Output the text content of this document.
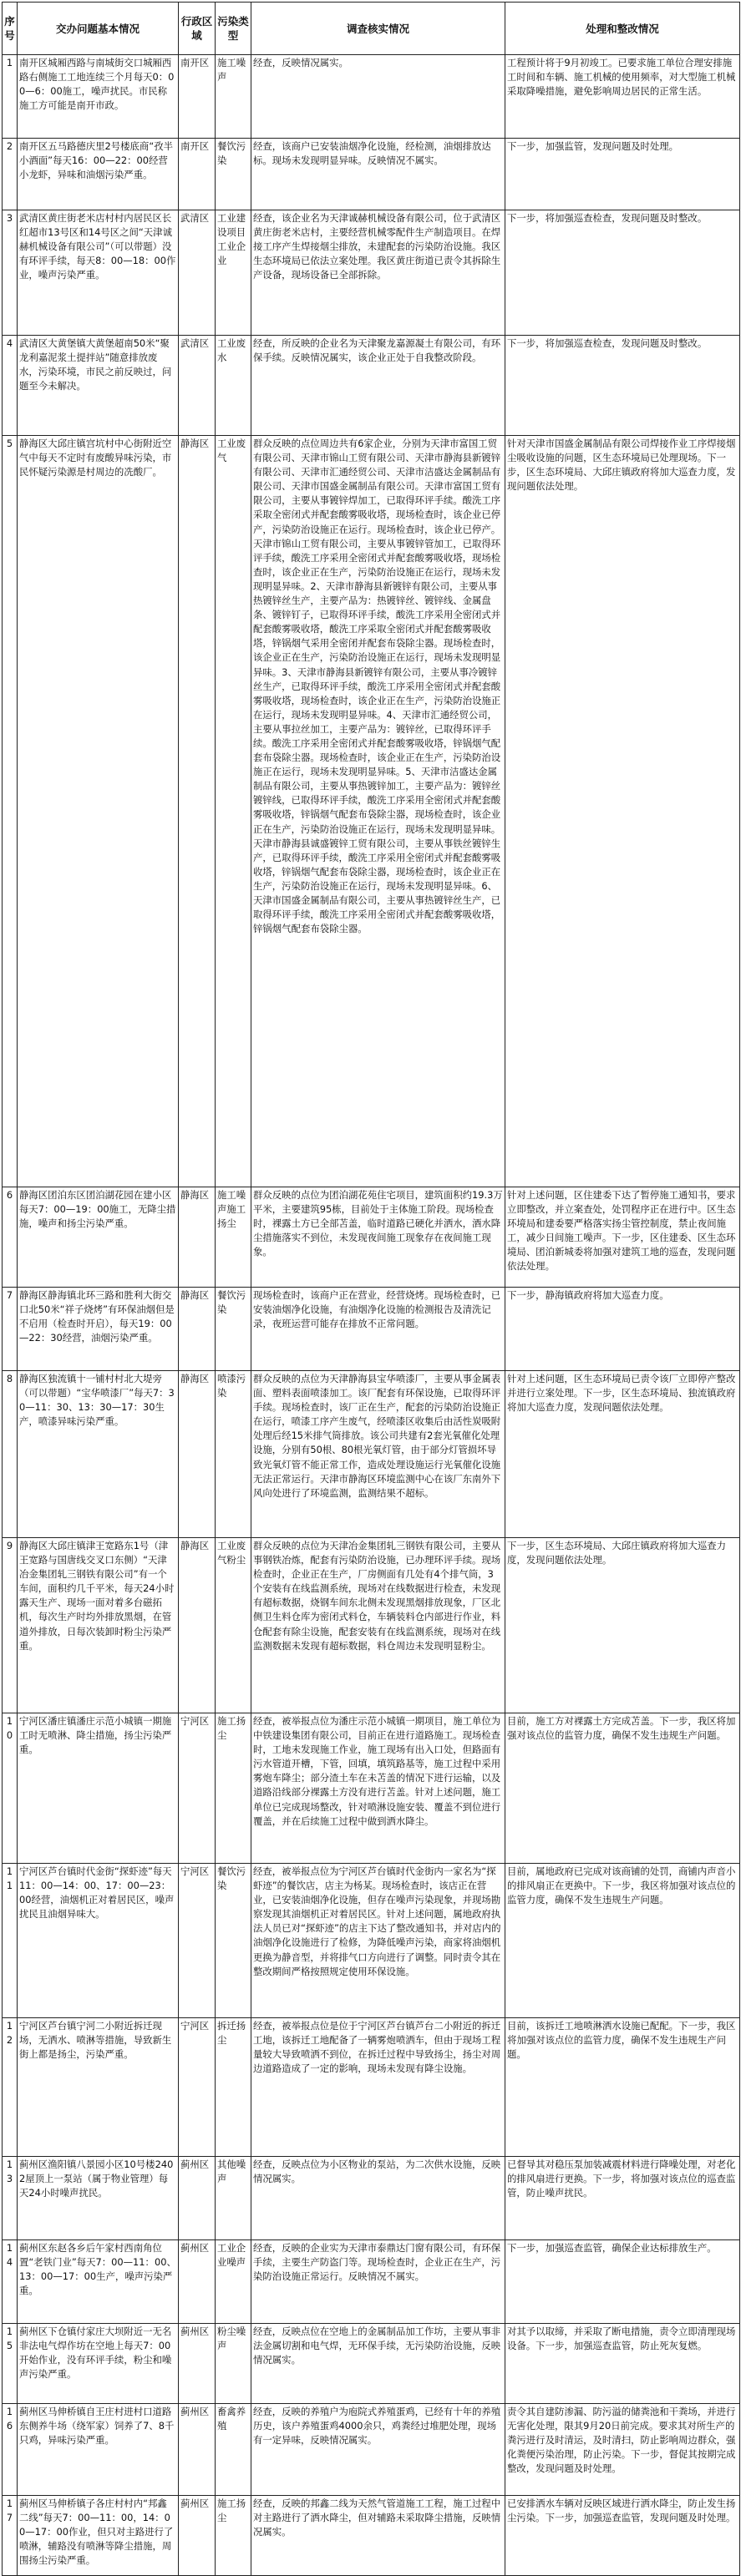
序号	交办问题基本情况	行政区域	污染类型	调查核实情况	处理和整改情况
1	南开区城厢西路与南城街交口城厢西路右侧施工工地连续三个月每天0：00—6：00施工，噪声扰民。市民称施工方可能是南开市政。	南开区	施工噪声	经查，反映情况属实。	工程预计将于9月初竣工。已要求施工单位合理安排施工时间和车辆、施工机械的使用频率，对大型施工机械采取降噪措施，避免影响周边居民的正常生活。
2	南开区五马路德庆里2号楼底商“孜半小酒面”每天16：00—22：00经营小龙虾，异味和油烟污染严重。	南开区	餐饮污染	经查，该商户已安装油烟净化设施，经检测，油烟排放达标。现场未发现明显异味。反映情况不属实。	下一步，加强监管，发现问题及时处理。
3	武清区黄庄街老米店村村内居民区长红超市13号区和14号区之间“天津诚赫机械设备有限公司”（可以带题）没有环评手续，每天8：00—18：00作业，噪声污染严重。	武清区	工业建设项目工业企业	经查，该企业名为天津诚赫机械设备有限公司，位于武清区黄庄街老米店村，主要经营机械零配件生产制造项目。在焊接工序产生焊接烟尘排放，未建配套的污染防治设施。我区生态环境局已依法立案处理。我区黄庄街道已责令其拆除生产设备，现场设备已全部拆除。	下一步，将加强巡查检查，发现问题及时整改。
4	武清区大黄堡镇大黄堡超南50米“聚龙利嘉泥浆土提拌站”随意排放废水，污染环境，市民之前反映过，问题至今未解决。	武清区	工业废水	经查，所反映的企业名为天津聚龙嘉源凝土有限公司，有环保手续。反映情况属实，该企业正处于自我整改阶段。	下一步，将加强巡查检查，发现问题及时整改。
5	静海区大邱庄镇宫坑村中心街附近空气中每天不定时有废酸异味污染，市民怀疑污染源是村周边的冼酸厂。	静海区	工业废气	群众反映的点位周边共有6家企业，分别为天津市富国工贸有限公司、天津市锦山工贸有限公司、天津市静海县新镀锌有限公司、天津市汇通经贸公司、天津市洁盛达金属制品有限公司、天津市国盛金属制品有限公司。天津市富国工贸有限公司，主要从事镀锌焊加工，已取得环评手续。酸洗工序采取全密闭式并配套酸雾吸收塔，现场检查时，该企业已停产，污染防治设施正在运行。现场检查时，该企业已停产。天津市锦山工贸有限公司，主要从事镀锌管加工，已取得环评手续，酸洗工序采用全密闭式并配套酸雾吸收塔，现场检查时，该企业正在生产，污染防治设施正在运行，现场未发现明显异味。2、天津市静海县新镀锌有限公司，主要从事热镀锌丝生产，主要产品为：热镀锌丝、镀锌线、金属盘条、镀锌钉子，已取得环评手续，酸洗工序采用全密闭式并配套酸雾吸收塔，酸洗工序采取全密闭式并配套酸雾吸收塔，锌锅烟气采用全密闭并配套布袋除尘器。现场检查时，该企业正在生产，污染防治设施正在运行，现场未发现明显异味。3、天津市静海县新镀锌有限公司，主要从事冷镀锌丝生产，已取得环评手续，酸洗工序采用全密闭式并配套酸雾吸收塔，现场检查时，该企业正在生产，污染防治设施正在运行，现场未发现明显异味。4、天津市汇通经贸公司，主要从事拉丝加工，主要产品为：镀锌丝，已取得环评手续。酸洗工序采用全密闭式并配套酸雾吸收塔，锌锅烟气配套布袋除尘器。现场检查时，该企业正在生产，污染防治设施正在运行，现场未发现明显异味。5、天津市洁盛达金属制品有限公司，主要从事热镀锌加工，主要产品为：镀锌丝镀锌线，已取得环评手续，酸洗工序采用全密闭式并配套酸雾吸收塔，锌锅烟气配套布袋除尘器，现场检查时，该企业正在生产，污染防治设施正在运行，现场未发现明显异味。天津市静海县诚盛镀锌工贸有限公司，主要从事铁丝镀锌生产，已取得环评手续，酸洗工序采用全密闭式并配套酸雾吸收塔，锌锅烟气配套布袋除尘器，现场检查时，该企业正在生产，污染防治设施正在运行，现场未发现明显异味。6、天津市国盛金属制品有限公司，主要从事热镀锌丝生产，已取得环评手续，酸洗工序采用全密闭式并配套酸雾吸收塔，锌锅烟气配套布袋除尘器。	针对天津市国盛金属制品有限公司焊接作业工序焊接烟尘吸收设施的问题，区生态环境局已处理现场。下一步，区生态环境局、大邱庄镇政府将加大巡查力度，发现问题依法处理。
6	静海区团泊东区团泊湖花园在建小区每天7：00—19：00施工，无降尘措施，噪声和扬尘污染严重。	静海区	施工噪声施工扬尘	群众反映的点位为团泊湖花苑住宅项目，建筑面积约19.3万平米，主要建筑95栋，目前处于主体施工阶段。现场检查时，裸露土方已全部苫盖，临时道路已硬化并洒水，酒水降尘措施落实不到位，未发现夜间施工现象存在夜间施工现象。	针对上述问题，区住建委下达了暂停施工通知书，要求立即整改，并立案查处，处罚程序正在进行中。区生态环境局和建委要严格落实扬尘管控制度，禁止夜间施工，减少日间施工噪声。下一步，区住建委、区生态环境局、团泊新城委将加强对建筑工地的巡查，发现问题依法处理。
7	静海区静海镇北环三路和胜利大街交口北50米“祥子烧烤”有环保油烟但是不启用（检查时开启），每天19：00—22：30经营，油烟污染严重。	静海区	餐饮污染	现场检查时，该商户正在营业，经营烧烤。现场检查时，已安装油烟净化设施，有油烟净化设施的检测报告及清洗记录，夜班运营可能存在排放不正常问题。	下一步，静海镇政府将加大巡查力度。
8	静海区独流镇十一铺村村北大堤旁（可以带题）“宝华喷漆厂”每天7：30—11：30、13：30—17：30生产，喷漆异味污染严重。	静海区	喷漆污染	群众反映的点位为天津静海县宝华喷漆厂，主要从事金属表面、塑料表面喷漆加工。该厂配套有环保设施，已取得环评手续。现场检查时，该厂正在生产，配套的污染防治设施正在运行，喷漆工序产生废气，经喷漆区收集后由活性炭吸附处理后经15米排气筒排放。该公司共建有2套光氧催化处理设施，分别有50根、80根光氧灯管，由于部分灯管损坏导致光氧灯管不能正常工作，造成处理设施运行光氧催化设施无法正常运行。天津市静海区环境监测中心在该厂东南外下风向处进行了环境监测，监测结果不超标。	针对上述问题，区生态环境局已责令该厂立即停产整改并进行立案处理。下一步，区生态环境局、独流镇政府将加大巡查力度，发现问题依法处理。
9	静海区大邱庄镇津王宽路东1号（津王宽路与国唐线交叉口东侧）“天津冶金集团轧三钢铁有限公司”有一个车间，面积约几千平米，每天24小时露天生产、现场一面对着多台磁拓机，每次生产时均外排放黑烟，在管道外排放，日每次装卸时粉尘污染严重。	静海区	工业废气粉尘	群众反映的点位为天津冶金集团轧三钢铁有限公司，主要从事钢铁冶炼，配套有污染防治设施，已办理环评手续。现场检查时，企业正在生产，厂房侧面有几处有4个排气筒，3个安装有在线监测系统，现场对在线数据进行检查，未发现有超标数据，烧钢车间东北侧未发现黑烟排放现象，厂区北侧卫生料仓库为密闭式料仓，车辆装料仓内部进行作业，料仓配套有除尘设施，配套安装有在线监测系统，现场对在线监测数据未发现有超标数据，料仓周边未发现明显粉尘。	下一步，区生态环境局、大邱庄镇政府将加大巡查力度，发现问题依法处理。
10	宁河区潘庄镇潘庄示范小城镇一期施工时无喷淋、降尘措施，扬尘污染严重。	宁河区	施工扬尘	经查，被举报点位为潘庄示范小城镇一期项目，施工单位为中铁建设集团有限公司，目前正在进行道路施工。现场检查时，工地未发现施工作业，施工现场有出入口处，但路面有污水管道开槽，下管，回填，填筑路基等，施工过程中采用雾炮车降尘；部分渣土车在未苫盖的情况下进行运输，以及道路沿线部分裸露土方没有进行苫盖。针对上述问题，施工单位已完成现场整改，针对喷淋设施安装、覆盖不到位进行覆盖，并在后续施工过程中做到洒水降尘。	目前，施工方对裸露土方完成苫盖。下一步，我区将加强对该点位的监管力度，确保不发生违规生产问题。
11	宁河区芦台镇时代金街“探虾迹”每天11：00—14：00、17：00—23：00经营，油烟机正对着居民区，噪声扰民且油烟异味大。	宁河区	餐饮污染	经查，被举报点位为宁河区芦台镇时代金街内一家名为“探虾迹”的餐饮店，店主为杨某。现场检查时，该店正在营业，已安装油烟净化设施，但存在噪声污染现象，并现场勘察发现其油烟机正对着居民区。针对上述问题，属地政府执法人员已对“探虾迹”的店主下达了整改通知书，并对店内的油烟净化设施进行了检修，为降低噪声污染，商家将油烟机更换为静音型，并将排气口方向进行了调整。同时责令其在整改期间严格按照规定使用环保设施。	目前，属地政府已完成对该商铺的处罚，商铺内声音小的排风扇正在更换中。下一步，我区将加强对该点位的监管力度，确保不发生违规生产问题。
12	宁河区芦台镇宁河二小附近拆迁现场，无洒水、喷淋等措施，导致新生街上都是扬尘，污染严重。	宁河区	拆迁扬尘	经查，被举报点位是位于宁河区芦台镇芦台二小附近的拆迁工地，该拆迁工地配备了一辆雾炮喷洒车，但由于现场工程量较大导致喷洒不到位，在拆迁过程中导致扬尘，扬尘对周边道路造成了一定的影响，现场未发现有降尘设施。	目前，该拆迁工地喷淋洒水设施已配配。下一步，我区将加强对该点位的监管力度，确保不发生违规生产问题。
13	蓟州区渔阳镇八景园小区10号楼2402屋顶上一泵站（属于物业管理）每天24小时噪声扰民。	蓟州区	其他噪声	经查，反映点位为小区物业的泵站，为二次供水设施，反映情况属实。	已督导其对稳压泵加装减震材料进行降噪处理，对老化的排风扇进行更换。下一步，将加强对该点位的巡查监管，防止噪声扰民。
14	蓟州区东赵各乡后午家村西南角位置“老铁门业”每天7：00—11：00、13：00—17：00生产，噪声污染严重。	蓟州区	工业企业噪声	经查，反映的企业实为天津市泰鼎达门窗有限公司，有环保手续，主要生产防盗门等。现场检查时，企业正在生产，污染防治设施正常运行。反映情况不属实。	下一步，加强巡查监管，确保企业达标排放生产。
15	蓟州区下仓镇付家庄大坝附近一无名非法电气焊作坊在空地上每天7：00开始作业，没有环评手续，粉尘和噪声污染严重。	蓟州区	粉尘噪声	经查，反映点位在空地上的金属制品加工作坊，主要从事非法金属切割和电气焊，无环保手续，无污染防治设施，反映情况属实。	对其予以取缔，并采取了断电措施，责令立即清理现场设备。下一步，加强巡查监管，防止死灰复燃。
16	蓟州区马伸桥镇自王庄村进村口道路东侧养牛场（绕军家）饲养了7、8千只鸡，异味污染严重。	蓟州区	畜禽养殖	经查，反映的养殖户为庖院式养殖蛋鸡，已经有十年的养殖历史，该户养殖蛋鸡4000余只，鸡粪经过堆肥处理，现场有一定异味，反映情况属实。	责令其自建防渗漏、防污溢的储粪池和干粪场，并进行无害化处理，限其9月20日前完成。要求其对所生产的粪污进行及时清运，及时清扫，防止影响周边群众，强化粪便污染治理，防止污染。下一步，督促其按期完成整改，发现问题及时处理。
17	蓟州区马伸桥镇子各庄村村内“邦鑫二线”每天7：00—11：00，14：00—17：00作业，但只对主路进行了喷淋，辅路没有喷淋等降尘措施，周围扬尘污染严重。	蓟州区	施工扬尘	经查，反映的邦鑫二线为天然气管道施工工程，施工过程中对主路进行了洒水降尘，但对辅路未采取降尘措施，反映情况属实。	已安排洒水车辆对反映区域进行洒水降尘，防止发生扬尘污染。下一步，加强巡查监管，发现问题及时处理。
